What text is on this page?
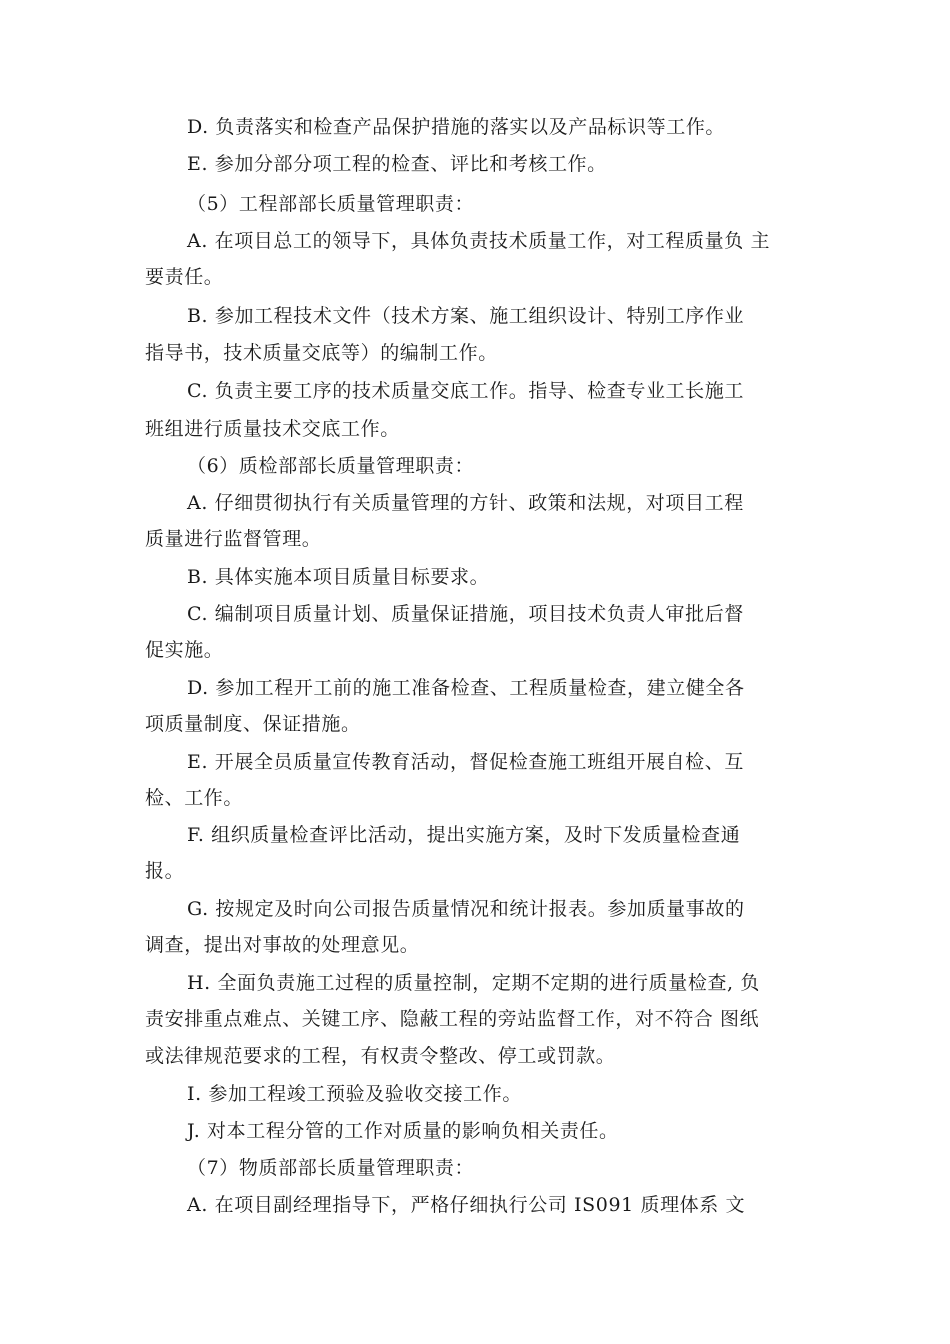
D. 负责落实和检查产品保护措施的落实以及产品标识等工作。
E. 参加分部分项工程的检查、评比和考核工作。
（5）工程部部长质量管理职责：
A. 在项目总工的领导下，具体负责技术质量工作，对工程质量负 主
要责任。
B. 参加工程技术文件（技术方案、施工组织设计、特别工序作业
指导书，技术质量交底等）的编制工作。
C. 负责主要工序的技术质量交底工作。指导、检查专业工长施工
班组进行质量技术交底工作。
（6）质检部部长质量管理职责：
A. 仔细贯彻执行有关质量管理的方针、政策和法规，对项目工程
质量进行监督管理。
B. 具体实施本项目质量目标要求。
C. 编制项目质量计划、质量保证措施，项目技术负责人审批后督
促实施。
D. 参加工程开工前的施工准备检查、工程质量检查，建立健全各
项质量制度、保证措施。
E. 开展全员质量宣传教育活动，督促检查施工班组开展自检、互
检、工作。
F. 组织质量检查评比活动，提出实施方案，及时下发质量检查通
报。
G. 按规定及时向公司报告质量情况和统计报表。参加质量事故的
调查，提出对事故的处理意见。
H. 全面负责施工过程的质量控制，定期不定期的进行质量检查, 负
责安排重点难点、关键工序、隐蔽工程的旁站监督工作，对不符合 图纸
或法律规范要求的工程，有权责令整改、停工或罚款。
I. 参加工程竣工预验及验收交接工作。
J. 对本工程分管的工作对质量的影响负相关责任。
（7）物质部部长质量管理职责：
A. 在项目副经理指导下，严格仔细执行公司 IS091 质理体系 文
